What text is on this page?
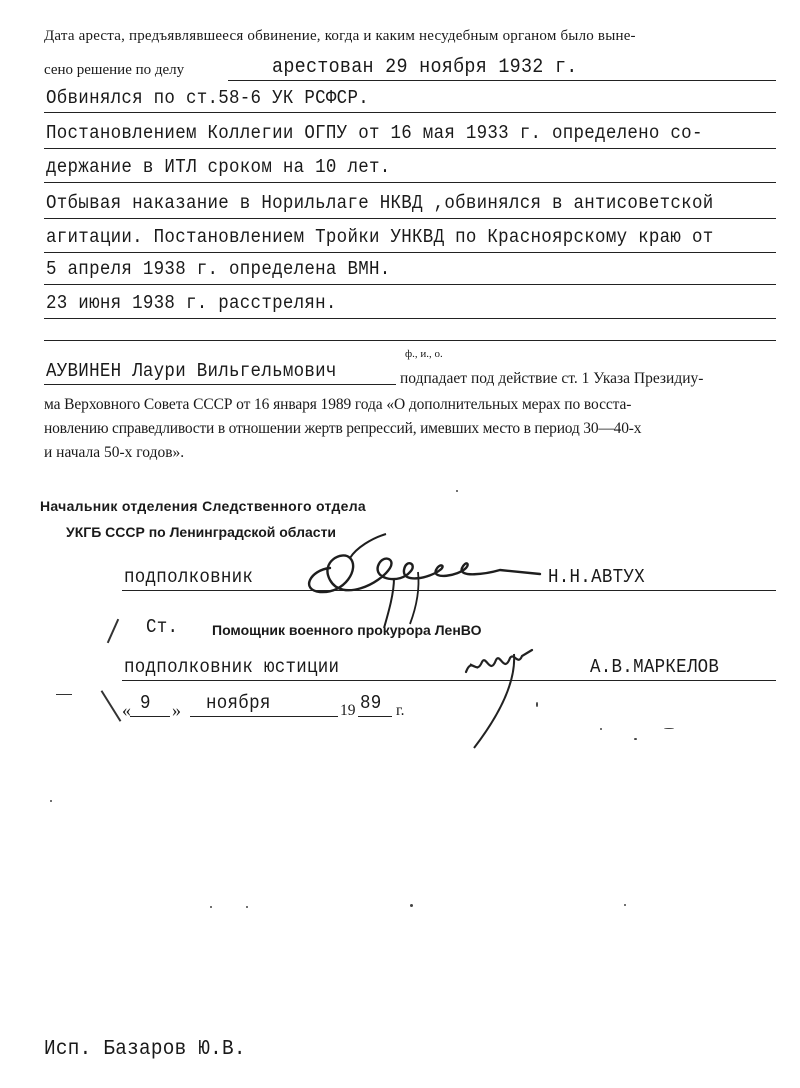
Дата ареста, предъявлявшееся обвинение, когда и каким несудебным органом было выне-
сено решение по делу	арестован 29 ноября 1932 г.
Обвинялся по ст.58-6 УК РСФСР.
Постановлением Коллегии ОГПУ от 16 мая 1933 г. определено со-
держание в ИТЛ сроком на 10 лет.
Отбывая наказание в Норильлаге НКВД ,обвинялся в антисоветской
агитации. Постановлением Тройки УНКВД по Красноярскому краю от
5 апреля 1938 г. определена ВМН.
23 июня 1938 г. расстрелян.
АУВИНЕН Лаури Вильгельмович
ф., и., о.
подпадает под действие ст. 1 Указа Президиу-
ма Верховного Совета СССР от 16 января 1989 года «О дополнительных мерах по восста-
новлению справедливости в отношении жертв репрессий, имевших место в период 30—40-х
и начала 50-х годов».
Начальник отделения Следственного отдела
УКГБ СССР по Ленинградской области
подполковник	Н.Н.АВТУХ
Ст. Помощник военного прокурора ЛенВО
подполковник юстиции	А.В.МАРКЕЛОВ
« 9 » ноября	19 89 г.
Исп. Базаров Ю.В.
